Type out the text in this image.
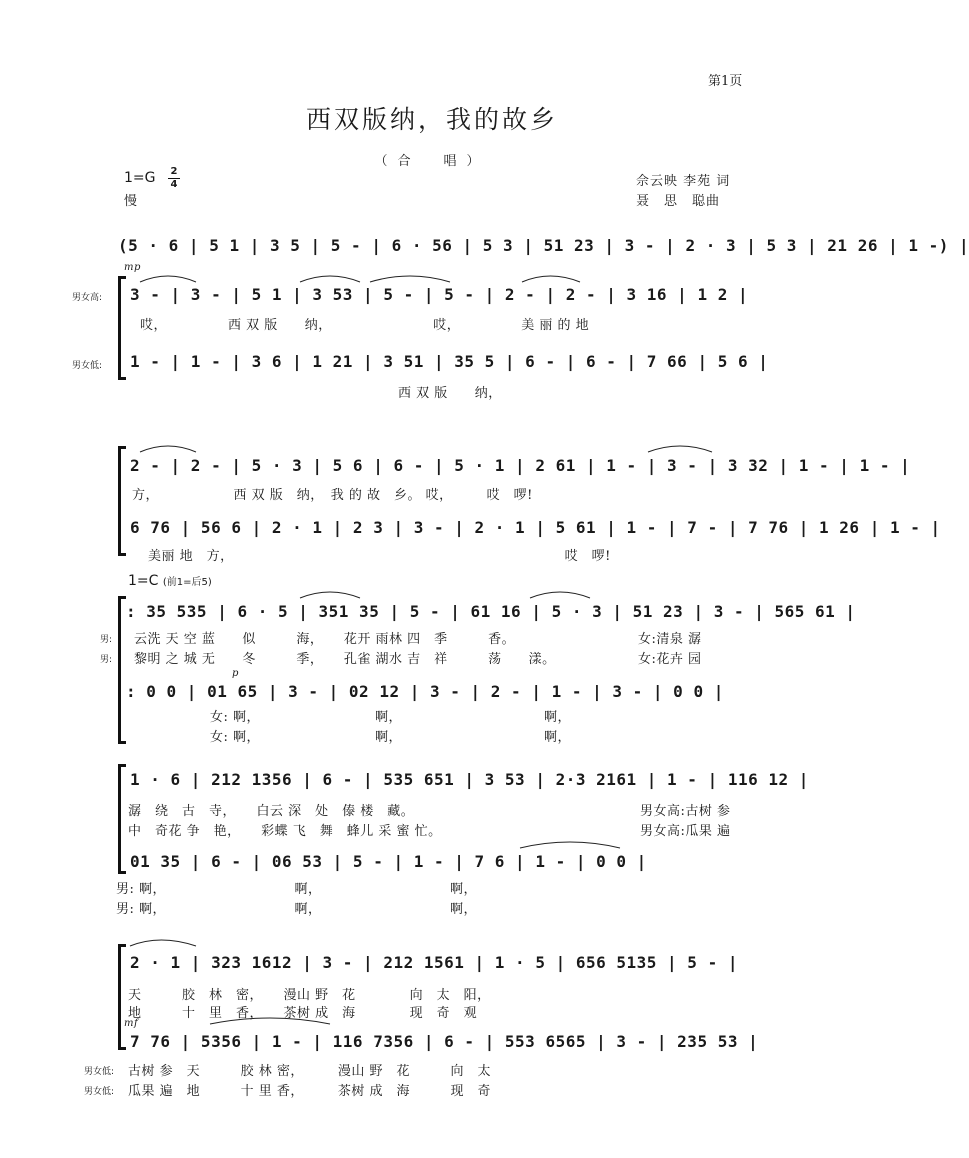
第1页
西双版纳，我的故乡
（合　唱）
1=G 2
4
慢
佘云映 李苑 词
聂　思　聪曲
(5 · 6 | 5 1 | 3 5 | 5 - | 6 · 56 | 5 3 | 51 23 | 3 - | 2 · 3 | 5 3 | 21 26 | 1 -) |
mp
男女高: 3 - | 3 - | 5 1 | 3 53 | 5 - | 5 - | 2 - | 2 - | 3 16 | 1 2 |
哎，　　　　　西 双 版　　纳，　　　　　　　　哎，　　　　　美 丽 的 地
男女低: 1 - | 1 - | 3 6 | 1 21 | 3 51 | 35 5 | 6 - | 6 - | 7 66 | 5 6 |
西 双 版　　纳，
2 - | 2 - | 5 · 3 | 5 6 | 6 - | 5 · 1 | 2 61 | 1 - | 3 - | 3 32 | 1 - | 1 - |
方，　　　　　　西 双 版　纳，　我 的 故　乡。 哎，　　　哎　啰!
6 76 | 56 6 | 2 · 1 | 2 3 | 3 - | 2 · 1 | 5 61 | 1 - | 7 - | 7 76 | 1 26 | 1 - |
美丽 地　方，　　　　　　　　　　　　　　　　　　　　　　　　　哎　啰!
1=C (前1=后5)
: 35 535 | 6 · 5 | 351 35 | 5 - | 61 16 | 5 · 3 | 51 23 | 3 - | 565 61 |
男: 云洗 天 空 蓝　　似　　　海，　　花开 雨林 四　季　　　香。	女:清泉 潺
男: 黎明 之 城 无　　冬　　　季，　　孔雀 湖水 吉　祥　　　荡　　漾。	女:花卉 园
p
: 0 0 | 01 65 | 3 - | 02 12 | 3 - | 2 - | 1 - | 3 - | 0 0 |
女: 啊，　　　　　　　　　啊，　　　　　　　　　　　啊，
女: 啊，　　　　　　　　　啊，　　　　　　　　　　　啊，
1 · 6 | 212 1356 | 6 - | 535 651 | 3 53 | 2·3 2161 | 1 - | 116 12 |
潺　绕　古　寺，　　白云 深　处　傣 楼　藏。	男女高:古树 参
中　奇花 争　艳，　　彩蝶 飞　舞　蜂儿 采 蜜 忙。	男女高:瓜果 遍
01 35 | 6 - | 06 53 | 5 - | 1 - | 7 6 | 1 - | 0 0 |
男: 啊，　　　　　　　　　　啊，　　　　　　　　　　啊，
男: 啊，　　　　　　　　　　啊，　　　　　　　　　　啊，
2 · 1 | 323 1612 | 3 - | 212 1561 | 1 · 5 | 656 5135 | 5 - |
天　　　胶　林　密，　　漫山 野　花　　　　向　太　阳，
地　　　十　里　香，　　茶树 成　海　　　　现　奇　观
mf
7 76 | 5356 | 1 - | 116 7356 | 6 - | 553 6565 | 3 - | 235 53 |
男女低: 古树 参　天　　　胶 林 密，　　　漫山 野　花　　　向　太
男女低: 瓜果 遍　地　　　十 里 香，　　　茶树 成　海　　　现　奇
